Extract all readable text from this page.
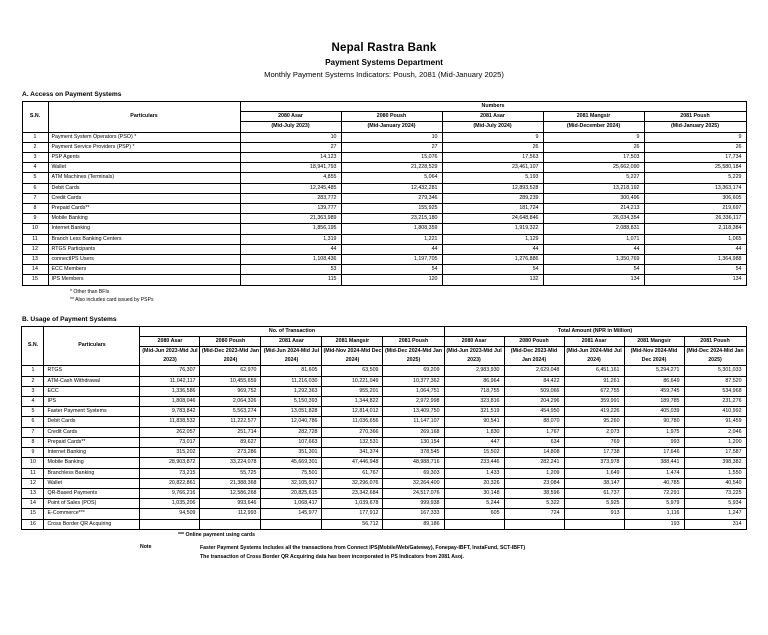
Nepal Rastra Bank
Payment Systems Department
Monthly Payment Systems Indicators: Poush, 2081 (Mid-January 2025)
A. Access on Payment Systems
S.N.	Particulars	Numbers				
		2080 Asar	2080 Poush	2081 Asar	2081 Mangsir	2081 Poush
		(Mid-July 2023)	(Mid-January 2024)	(Mid-July 2024)	(Mid-December 2024)	(Mid-January 2025)
1	Payment System Operators (PSO) *	10	10	9	9	9
2	Payment Service Providers (PSP) *	27	27	26	26	26
3	PSP Agents	14,123	15,076	17,563	17,503	17,734
4	Wallet	18,941,793	21,228,529	23,461,107	25,662,090	25,580,184
5	ATM Machines (Terminals)	4,855	5,064	5,193	5,227	5,229
6	Debit Cards	12,245,485	12,432,281	12,893,528	13,218,192	13,363,174
7	Credit Cards	283,772	279,346	289,239	300,496	306,605
8	Prepaid Cards**	139,777	155,925	181,724	214,213	219,697
9	Mobile Banking	21,363,989	23,215,180	24,648,846	26,034,354	26,336,117
10	Internet Banking	1,856,195	1,808,359	1,919,322	2,088,831	2,118,384
11	Branch Less Banking Centers	1,319	1,221	1,129	1,071	1,065
12	RTGS Participants	44	44	44	44	44
13	connectIPS Users	1,108,436	1,197,705	1,276,886	1,350,769	1,364,988
14	ECC Members	53	54	54	54	54
15	IPS Members	115	120	132	134	134
* Other than BFIs
** Also includes card issued by PSPs
B. Usage of Payment Systems
S.N.	Particulars	No. of Transaction					Total Amount (NPR in Million)				
		2080 Asar	2080 Poush	2081 Asar	2081 Mangsir	2081 Poush	2080 Asar	2080 Poush	2081 Asar	2081 Mangsir	2081 Poush
		(Mid-Jun 2023-Mid Jul 2023)	(Mid-Dec 2023-Mid Jan 2024)	(Mid-Jun 2024-Mid Jul 2024)	(Mid-Nov 2024-Mid Dec 2024)	(Mid-Dec 2024-Mid Jan 2025)	(Mid-Jun 2023-Mid Jul 2023)	(Mid-Dec 2023-Mid Jan 2024)	(Mid-Jun 2024-Mid Jul 2024)	(Mid-Nov 2024-Mid Dec 2024)	(Mid-Dec 2024-Mid Jan 2025)
1	RTGS	76,307	62,970	81,605	63,509	69,209	2,983,930	2,629,048	6,451,161	5,294,271	5,301,033
2	ATM-Cash Withdrawal	11,042,117	10,455,659	11,216,030	10,221,049	10,377,362	86,964	84,422	91,261	86,649	87,520
3	ECC	1,336,586	969,752	1,292,363	955,201	1,064,751	718,755	509,066	672,755	459,745	534,968
4	IPS	1,808,046	2,064,326	5,150,393	1,344,822	2,972,998	323,816	204,296	359,991	189,785	231,276
5	Faster Payment Systems	9,783,842	5,563,274	13,051,828	12,814,012	13,409,750	321,519	454,950	419,226	405,039	410,992
6	Debit Cards	11,838,532	11,222,577	12,040,786	11,036,656	11,147,107	90,541	88,070	95,260	90,780	91,459
7	Credit Cards	262,057	251,714	282,728	270,366	269,168	1,830	1,767	2,073	1,975	2,046
8	Prepaid Cards**	73,017	89,627	107,663	132,531	130,154	447	634	769	993	1,200
9	Internet Banking	315,202	273,286	351,301	341,374	378,545	15,502	14,808	17,738	17,646	17,587
10	Mobile Banking	28,903,872	33,224,078	45,669,301	47,446,948	48,988,716	233,446	282,241	373,978	388,441	398,382
11	Branchless Banking	73,215	55,725	75,501	61,767	69,303	1,433	1,209	1,649	1,474	1,550
12	Wallet	20,822,861	21,388,368	32,105,917	32,296,076	32,264,400	20,326	23,084	38,147	40,785	40,540
13	QR-Based Payments	9,766,216	12,586,268	20,825,615	23,342,684	24,517,076	30,148	38,596	61,737	72,291	73,225
14	Point of Sales (POS)	1,035,206	993,646	1,068,417	1,039,678	999,938	5,244	5,322	5,925	5,979	5,934
15	E-Commerce***	94,509	112,993	145,977	177,912	167,333	605	724	913	1,116	1,247
16	Cross Border QR Acquiring				56,712	89,186				193	314
*** Online payment using cards
Note	Faster Payment Systems Includes all the transactions from Connect IPS(Mobile/Web/Gateway), Fonepay-IBFT, InstaFund, SCT-IBFT)
The transaction of Cross Border QR Acquiring data has been incorporated in PS Indicators from 2081 Asoj.
